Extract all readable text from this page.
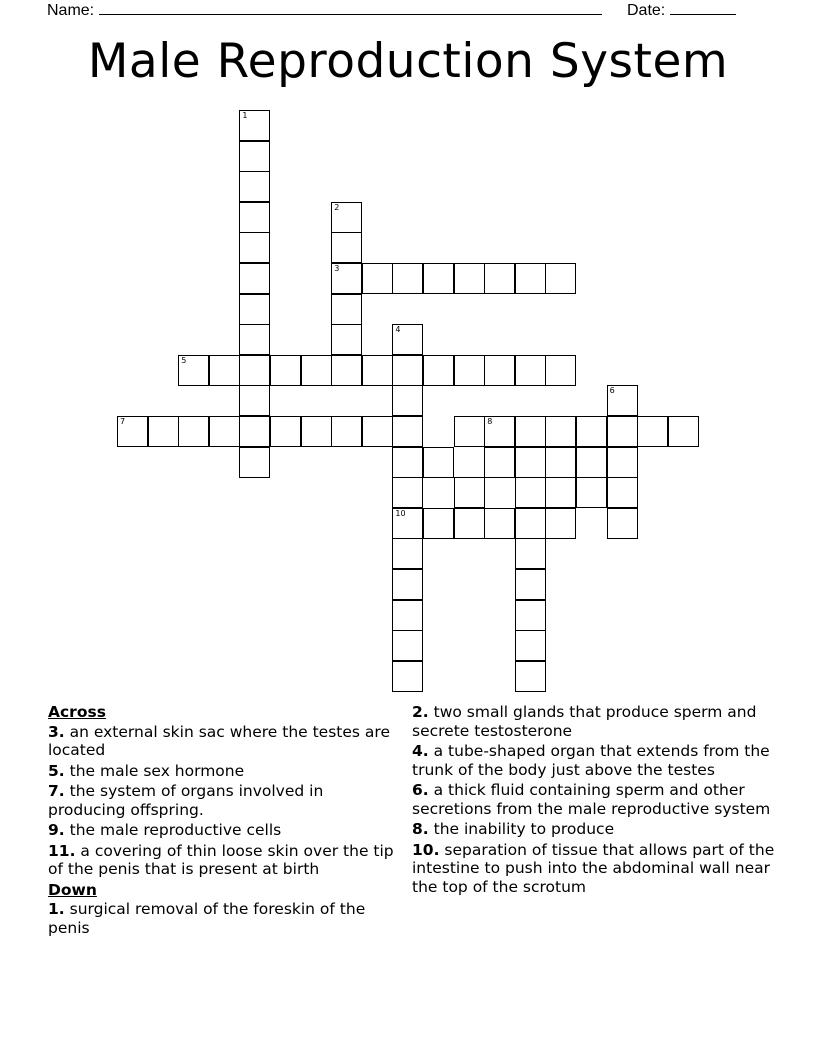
Name:	Date:
Male Reproduction System
1
2
3
4
5
7	8
6
10
Across
3. an external skin sac where the testes are located
5. the male sex hormone
7. the system of organs involved in producing offspring.
9. the male reproductive cells
11. a covering of thin loose skin over the tip of the penis that is present at birth
Down
1. surgical removal of the foreskin of the penis
2. two small glands that produce sperm and secrete testosterone
4. a tube-shaped organ that extends from the trunk of the body just above the testes
6. a thick fluid containing sperm and other secretions from the male reproductive system
8. the inability to produce
10. separation of tissue that allows part of the intestine to push into the abdominal wall near the top of the scrotum
